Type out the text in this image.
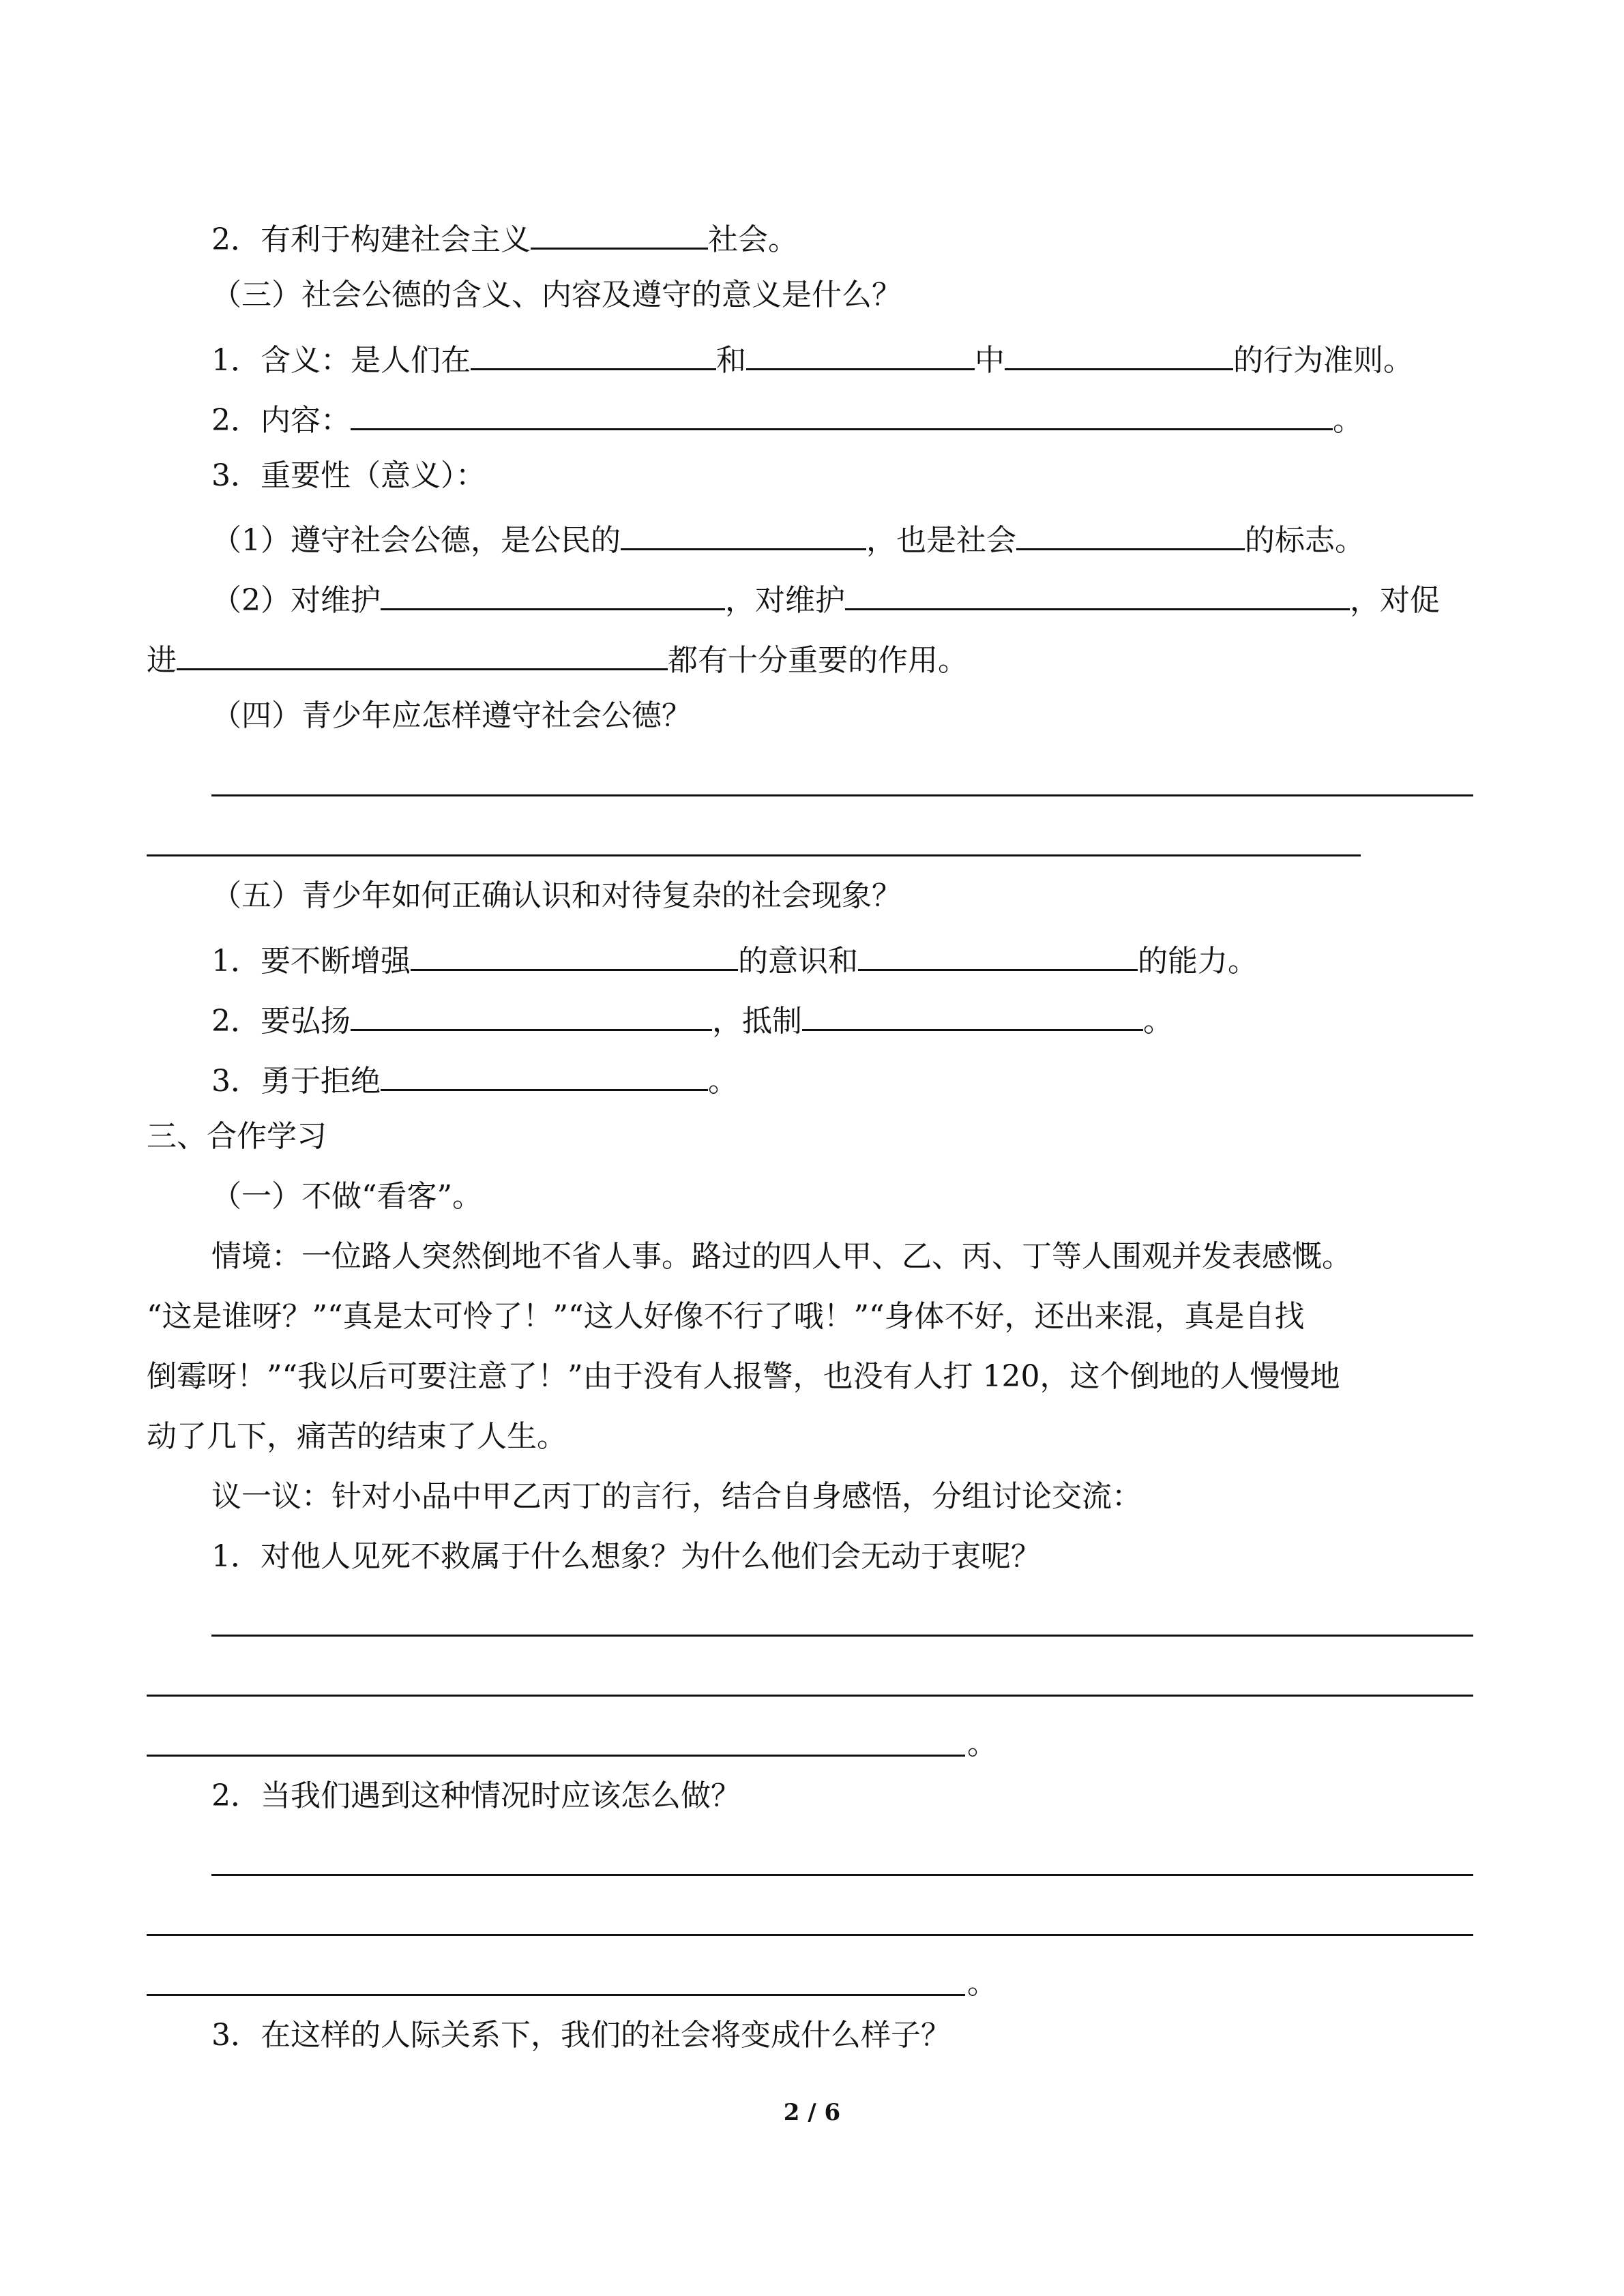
2．有利于构建社会主义	社会。
（三）社会公德的含义、内容及遵守的意义是什么？
1．含义：是人们在	和	中	的行为准则。
2．内容：	。
3．重要性（意义）：
（1）遵守社会公德，是公民的	，也是社会	的标志。
（2）对维护	，对维护	，对促
进	都有十分重要的作用。
（四）青少年应怎样遵守社会公德？
（五）青少年如何正确认识和对待复杂的社会现象？
1．要不断增强	的意识和	的能力。
2．要弘扬	，抵制	。
3．勇于拒绝	。
三、合作学习
（一）不做“看客”。
情境：一位路人突然倒地不省人事。路过的四人甲、乙、丙、丁等人围观并发表感慨。
“这是谁呀？”“真是太可怜了！”“这人好像不行了哦！”“身体不好，还出来混，真是自找
倒霉呀！”“我以后可要注意了！”由于没有人报警，也没有人打 120，这个倒地的人慢慢地
动了几下，痛苦的结束了人生。
议一议：针对小品中甲乙丙丁的言行，结合自身感悟，分组讨论交流：
1．对他人见死不救属于什么想象？为什么他们会无动于衷呢？
。
2．当我们遇到这种情况时应该怎么做？
。
3．在这样的人际关系下，我们的社会将变成什么样子？
2 / 6
